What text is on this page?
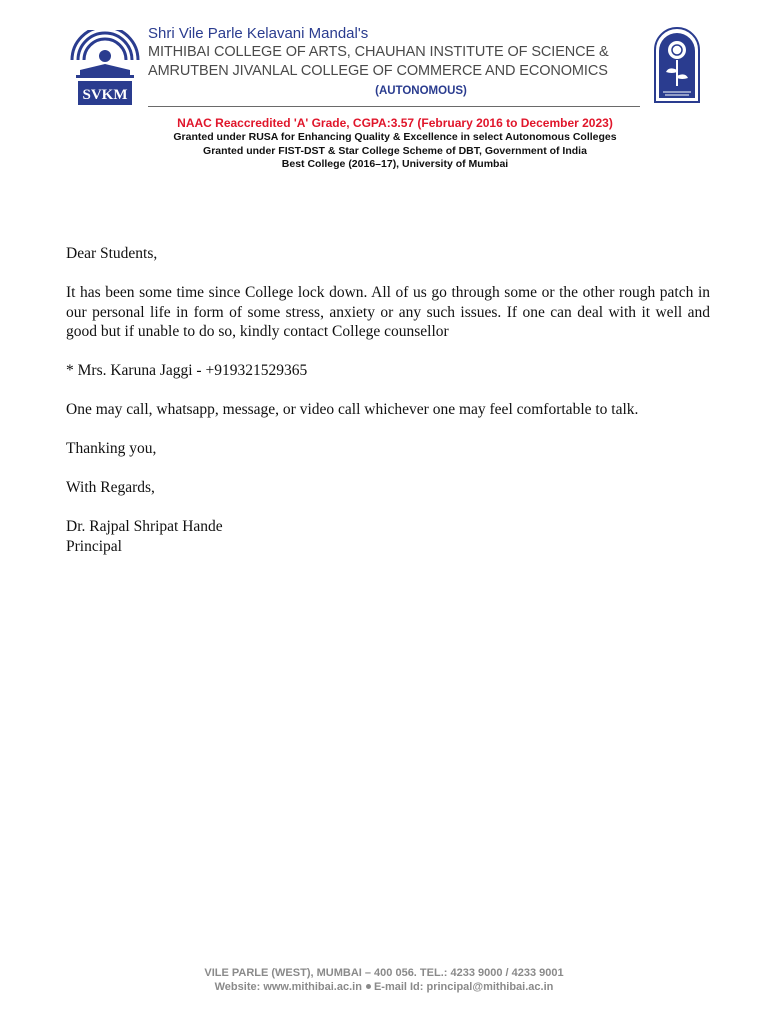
SVKM

Shri Vile Parle Kelavani Mandal's

MITHIBAI COLLEGE OF ARTS, CHAUHAN INSTITUTE OF SCIENCE &

AMRUTBEN JIVANLAL COLLEGE OF COMMERCE AND ECONOMICS

(AUTONOMOUS)

NAAC Reaccredited 'A' Grade, CGPA:3.57 (February 2016 to December 2023)

Granted under RUSA for Enhancing Quality & Excellence in select Autonomous Colleges

Granted under FIST-DST & Star College Scheme of DBT, Government of India

Best College (2016–17), University of Mumbai

Dear Students,

It has been some time since College lock down. All of us go through some or the other rough patch in our personal life in form of some stress, anxiety or any such issues. If one can deal with it well and good but if unable to do so, kindly contact College counsellor

* Mrs. Karuna Jaggi - +919321529365

One may call, whatsapp, message, or video call whichever one may feel comfortable to talk.

Thanking you,

With Regards,

Dr. Rajpal Shripat Hande

Principal

VILE PARLE (WEST), MUMBAI – 400 056. TEL.: 4233 9000 / 4233 9001

Website: www.mithibai.ac.in E-mail Id: principal@mithibai.ac.in
